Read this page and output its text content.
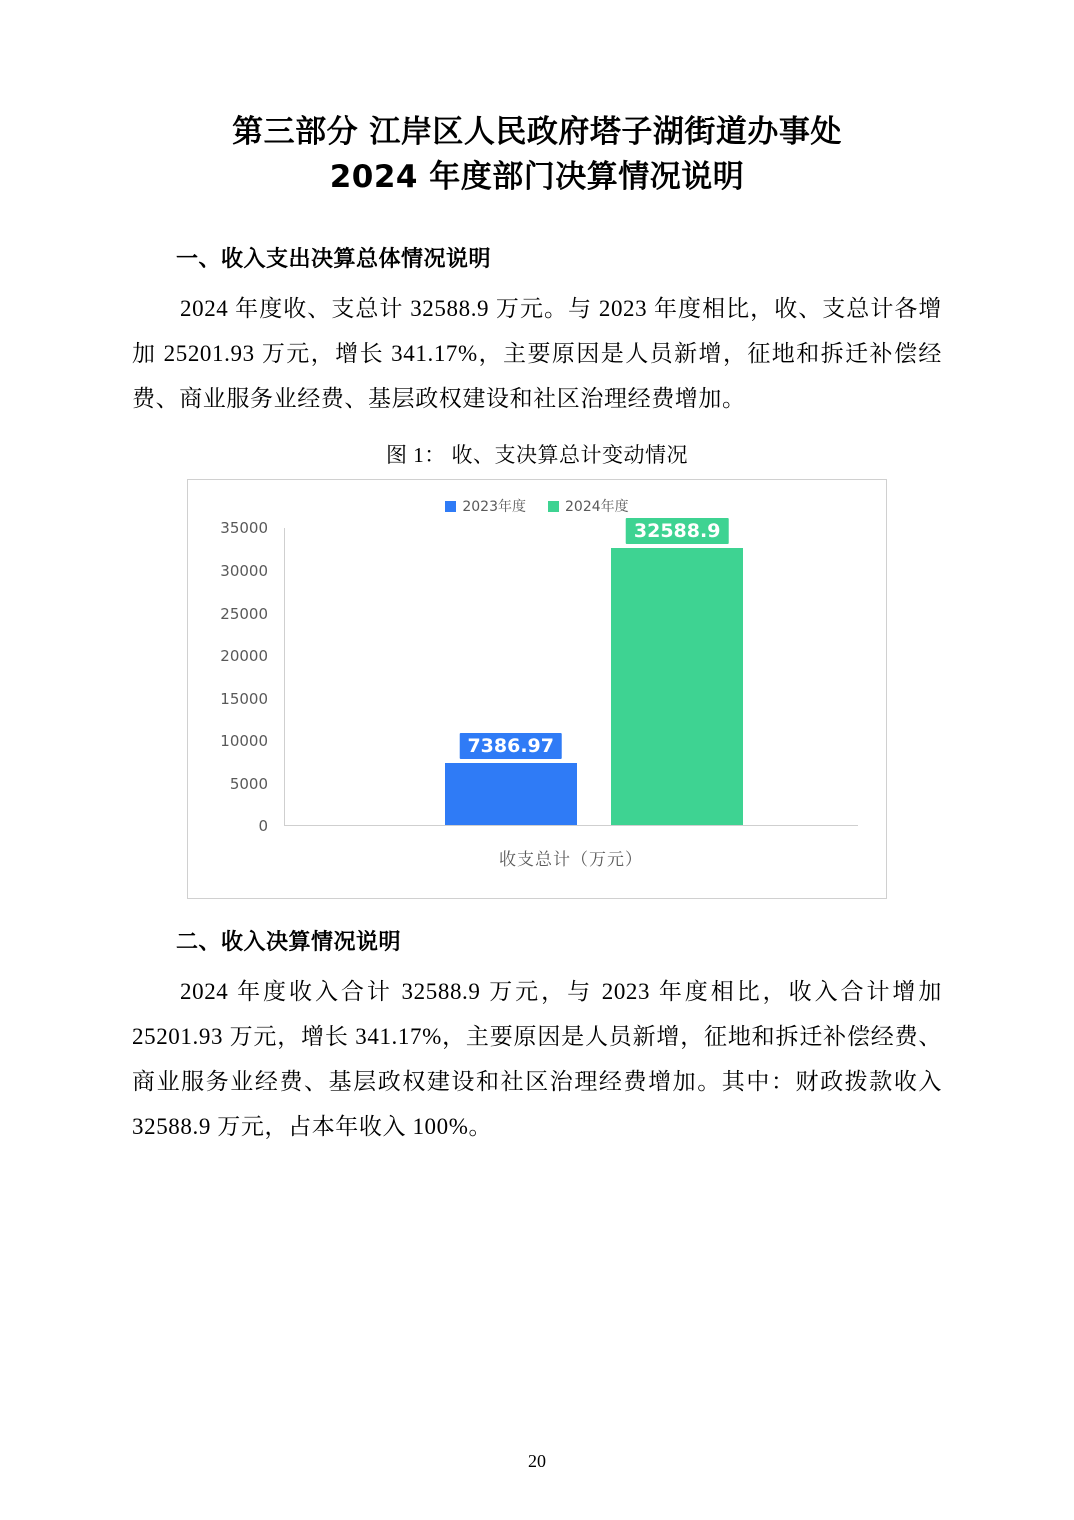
第三部分 江岸区人民政府塔子湖街道办事处
2024 年度部门决算情况说明
一、收入支出决算总体情况说明

2024 年度收、支总计 32588.9 万元。与 2023 年度相比，收、支总计各增加 25201.93 万元，增长 341.17%，主要原因是人员新增，征地和拆迁补偿经费、商业服务业经费、基层政权建设和社区治理经费增加。

图 1： 收、支决算总计变动情况
2023年度	2024年度
0
5000
10000
15000
20000
25000
30000
35000
7386.97
32588.9
收支总计（万元）
二、收入决算情况说明

2024 年度收入合计 32588.9 万元，与 2023 年度相比，收入合计增加 25201.93 万元，增长 341.17%，主要原因是人员新增，征地和拆迁补偿经费、商业服务业经费、基层政权建设和社区治理经费增加。其中：财政拨款收入 32588.9 万元，占本年收入 100%。

20
